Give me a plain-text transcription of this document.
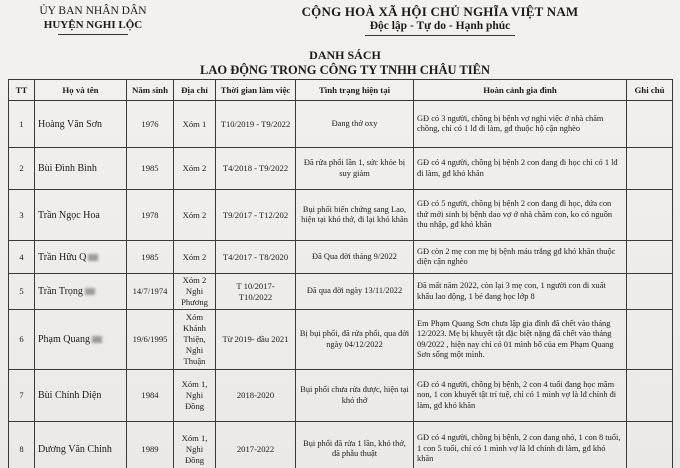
ỦY BAN NHÂN DÂN
HUYỆN NGHI LỘC
CỘNG HOÀ XÃ HỘI CHỦ NGHĨA VIỆT NAM
Độc lập - Tự do - Hạnh phúc
DANH SÁCH
LAO ĐỘNG TRONG CÔNG TY TNHH CHÂU TIÊN
TT	Họ và tên	Năm sinh	Địa chỉ	Thời gian làm việc	Tình trạng hiện tại	Hoàn cảnh gia đình	Ghi chú
1	Hoàng Văn Sơn	1976	Xóm 1	T10/2019 - T9/2022	Đang thở oxy	GĐ có 3 người, chồng bị bệnh vợ nghỉ việc ở nhà chăm chồng, chỉ có 1 lđ đi làm, gđ thuộc hộ cận nghèo	
2	Bùi Đình Bình	1985	Xóm 2	T4/2018 - T9/2022	Đã rửa phổi lần 1, sức khỏe bị suy giảm	GĐ có 4 người, chồng bị bệnh 2 con đang đi học chỉ có 1 lđ đi làm, gđ khó khăn	
3	Trần Ngọc Hoa	1978	Xóm 2	T9/2017 - T12/202	Bụi phổi biến chứng sang Lao, hiện tại khó thở, đi lại khó khăn	GĐ có 5 người, chồng bị bệnh 2 con đang đi học, đứa con thứ mới sinh bị bệnh dao vợ ở nhà chăm con, ko có nguồn thu nhập, gđ khó khăn	
4	Trần Hữu Q	1985	Xóm 2	T4/2017 - T8/2020	Đã Qua đời tháng 9/2022	GĐ còn 2 mẹ con mẹ bị bệnh máu trắng gđ khó khăn thuộc diện cận nghèo	
5	Trần Trọng	14/7/1974	Xóm 2 Nghi Phương	T 10/2017- T10/2022	Đã qua đời ngày 13/11/2022	Đã mất năm 2022, còn lại 3 mẹ con, 1 người con đi xuất khẩu lao động, 1 bé đang học lớp 8	
6	Phạm Quang	19/6/1995	Xóm Khánh Thiện, Nghi Thuận	Từ 2019- đầu 2021	Bị bụi phổi, đã rửa phổi, qua đời ngày 04/12/2022	Em Phạm Quang Sơn chưa lập gia đình đã chết vào tháng 12/2023. Mẹ bị khuyết tật đặc biệt nặng đã chết vào tháng 09/2022 , hiện nay chỉ có 01 mình bố của em Phạm Quang Sơn sống một mình.	
7	Bùi Chính Diện	1984	Xóm 1, Nghi Đồng	2018-2020	Bụi phổi chưa rửa được, hiện tại khó thở	GĐ có 4 người, chồng bị bệnh, 2 con 4 tuổi đang học mầm non, 1 con khuyết tật trí tuệ, chỉ có 1 mình vợ là lđ chính đi làm, gđ khó khăn	
8	Dương Văn Chinh	1989	Xóm 1, Nghi Đồng	2017-2022	Bụi phổi đã rửa 1 lần, khó thở, đã phẫu thuật	GĐ có 4 người, chồng bị bệnh, 2 con đang nhỏ, 1 con 8 tuổi, 1 con 5 tuổi, chỉ có 1 mình vợ là lđ chính đi làm, gđ khó khăn	
